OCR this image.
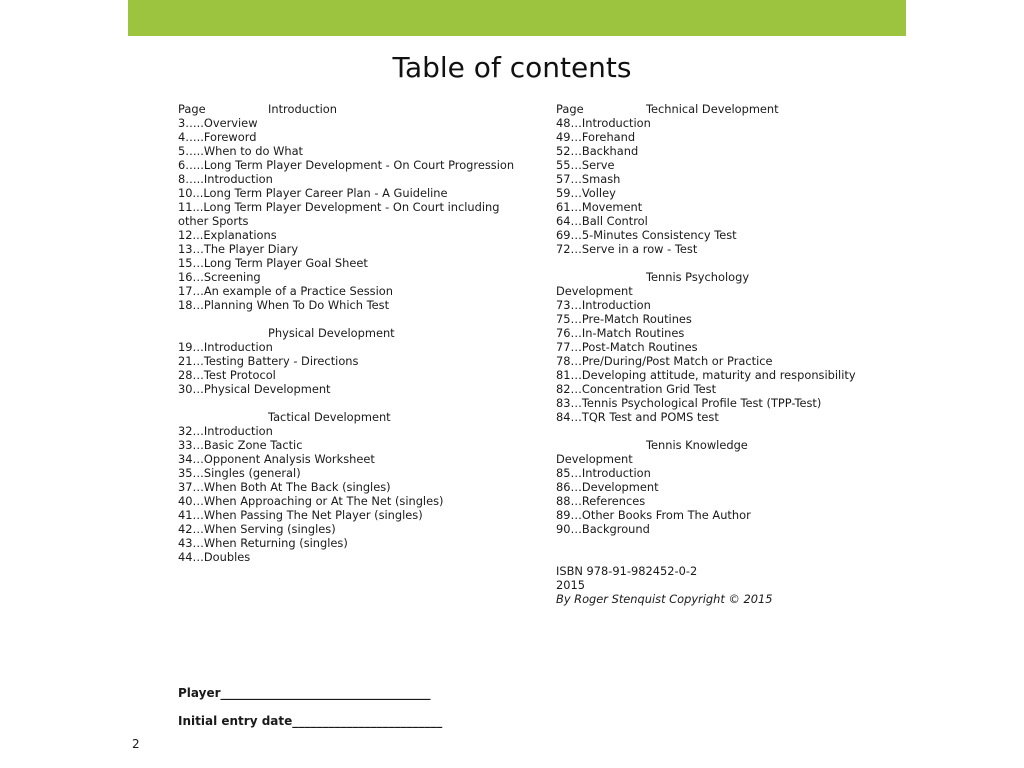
Table of contents
Page	Introduction
3…..Overview
4…..Foreword
5…..When to do What
6…..Long Term Player Development - On Court Progression
8…..Introduction
10...Long Term Player Career Plan - A Guideline
11...Long Term Player Development - On Court including other Sports
12...Explanations
13…The Player Diary
15…Long Term Player Goal Sheet
16…Screening
17…An example of a Practice Session
18…Planning When To Do Which Test
Physical Development
19…Introduction
21…Testing Battery - Directions
28…Test Protocol
30…Physical Development
Tactical Development
32…Introduction
33…Basic Zone Tactic
34…Opponent Analysis Worksheet
35…Singles (general)
37…When Both At The Back (singles)
40…When Approaching or At The Net (singles)
41…When Passing The Net Player (singles)
42…When Serving (singles)
43…When Returning (singles)
44…Doubles
Page	Technical Development
48…Introduction
49…Forehand
52…Backhand
55…Serve
57…Smash
59…Volley
61…Movement
64…Ball Control
69…5-Minutes Consistency Test
72…Serve in a row - Test
Tennis Psychology
Development
73…Introduction
75…Pre-Match Routines
76…In-Match Routines
77…Post-Match Routines
78…Pre/During/Post Match or Practice
81…Developing attitude, maturity and responsibility
82…Concentration Grid Test
83…Tennis Psychological Profile Test (TPP-Test)
84…TQR Test and POMS test
Tennis Knowledge
Development
85…Introduction
86…Development
88…References
89…Other Books From The Author
90…Background
ISBN 978-91-982452-0-2
2015
By Roger Stenquist Copyright © 2015
Player___________________________________
Initial entry date_________________________
2
